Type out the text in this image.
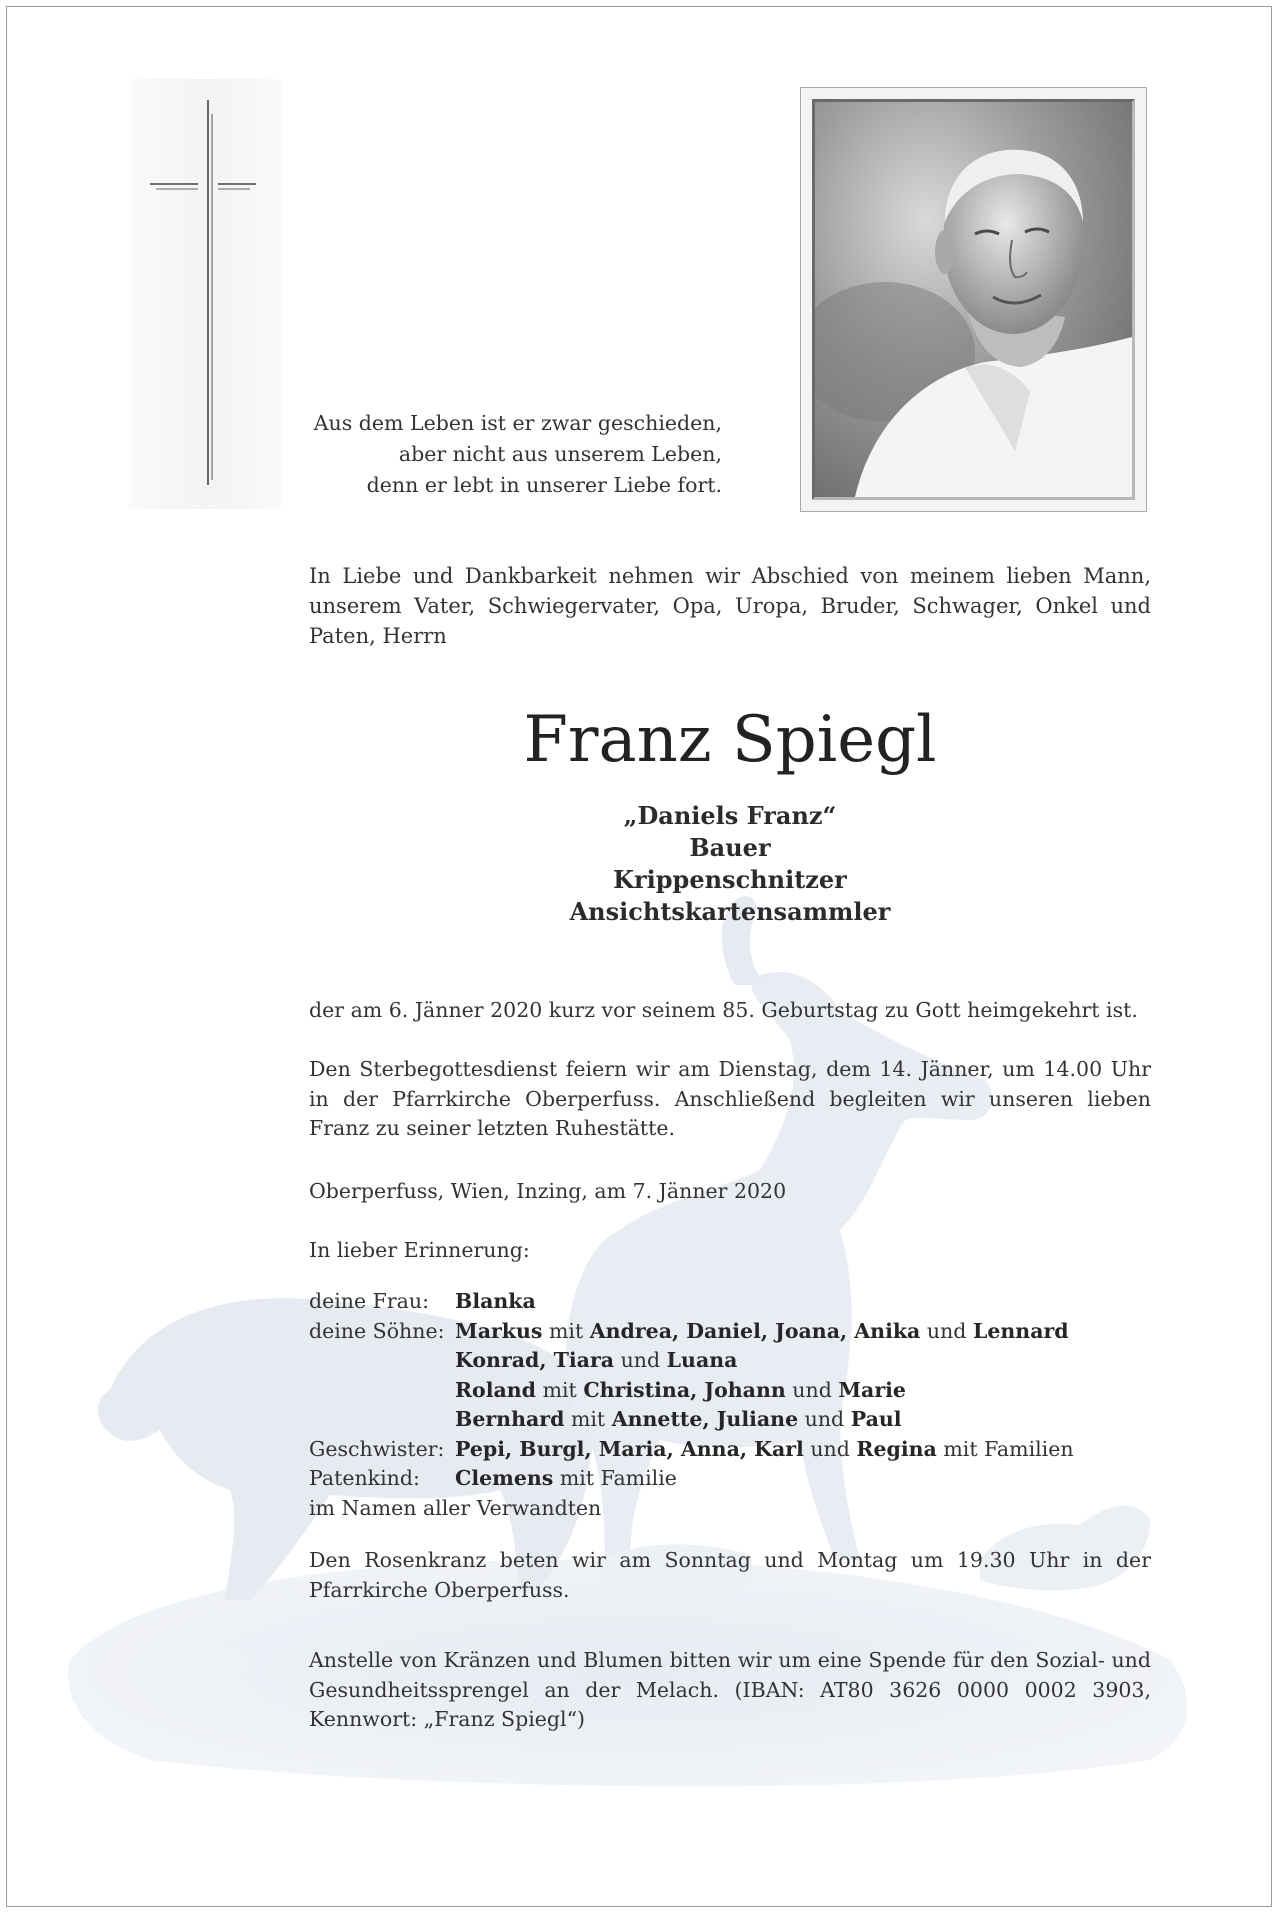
Aus dem Leben ist er zwar geschieden,
aber nicht aus unserem Leben,
denn er lebt in unserer Liebe fort.
In Liebe und Dankbarkeit nehmen wir Abschied von meinem lieben Mann, unserem Vater, Schwiegervater, Opa, Uropa, Bruder, Schwager, Onkel und Paten, Herrn
Franz Spiegl
„Daniels Franz“
Bauer
Krippenschnitzer
Ansichtskartensammler
der am 6. Jänner 2020 kurz vor seinem 85. Geburtstag zu Gott heimgekehrt ist.
Den Sterbegottesdienst feiern wir am Dienstag, dem 14. Jänner, um 14.00 Uhr in der Pfarrkirche Oberperfuss. Anschließend begleiten wir unseren lieben Franz zu seiner letzten Ruhestätte.
Oberperfuss, Wien, Inzing, am 7. Jänner 2020
In lieber Erinnerung:
deine Frau:	Blanka
deine Söhne: Markus mit Andrea, Daniel, Joana, Anika und Lennard
Konrad, Tiara und Luana
Roland mit Christina, Johann und Marie
Bernhard mit Annette, Juliane und Paul
Geschwister: Pepi, Burgl, Maria, Anna, Karl und Regina mit Familien
Patenkind:	Clemens mit Familie
im Namen aller Verwandten
Den Rosenkranz beten wir am Sonntag und Montag um 19.30 Uhr in der Pfarrkirche Oberperfuss.
Anstelle von Kränzen und Blumen bitten wir um eine Spende für den Sozial- und Gesundheitssprengel an der Melach. (IBAN: AT80 3626 0000 0002 3903, Kennwort: „Franz Spiegl“)
